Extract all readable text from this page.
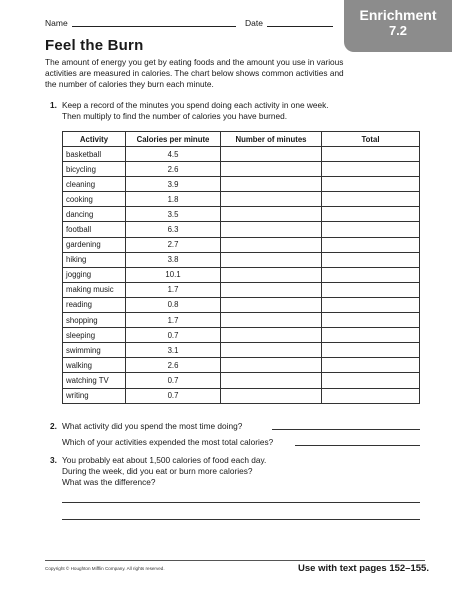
Name	Date	Enrichment
7.2
Feel the Burn
The amount of energy you get by eating foods and the amount you use in various activities are measured in calories. The chart below shows common activities and the number of calories they burn each minute.
1. Keep a record of the minutes you spend doing each activity in one week. Then multiply to find the number of calories you have burned.
Activity	Calories per minute	Number of minutes	Total
basketball	4.5		
bicycling	2.6		
cleaning	3.9		
cooking	1.8		
dancing	3.5		
football	6.3		
gardening	2.7		
hiking	3.8		
jogging	10.1		
making music	1.7		
reading	0.8		
shopping	1.7		
sleeping	0.7		
swimming	3.1		
walking	2.6		
watching TV	0.7		
writing	0.7		
2. What activity did you spend the most time doing?
Which of your activities expended the most total calories?
3. You probably eat about 1,500 calories of food each day.
During the week, did you eat or burn more calories?
What was the difference?
Copyright © Houghton Mifflin Company. All rights reserved.	Use with text pages 152–155.
